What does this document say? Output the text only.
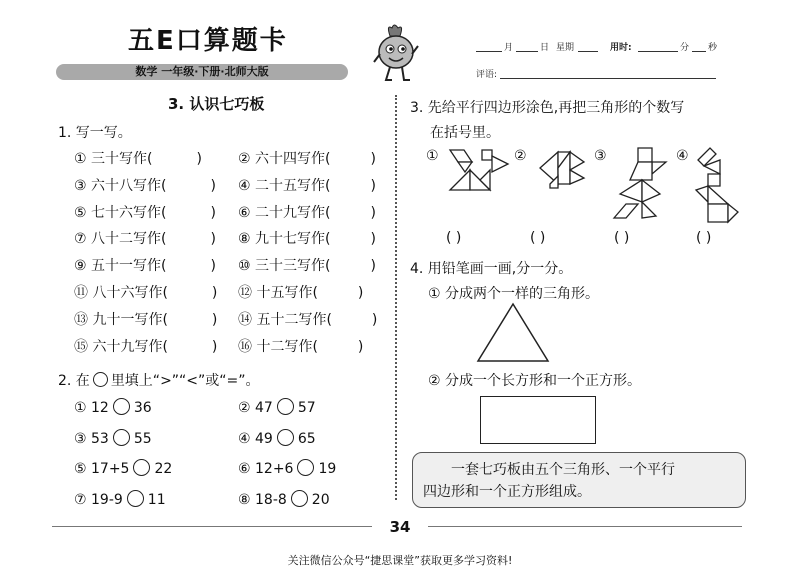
五E口算题卡
数学 一年级·下册·北师大版
月	日 星期	用时:	分 秒
评语:
3. 认识七巧板
1. 写一写。
① 三十写作(	)	② 六十四写作(	)
③ 六十八写作(	) ④ 二十五写作(	)
⑤ 七十六写作(	) ⑥ 二十九写作(	)
⑦ 八十二写作(	) ⑧ 九十七写作(	)
⑨ 五十一写作(	) ⑩ 三十三写作(	)
⑪ 八十六写作(	) ⑫ 十五写作(	)
⑬ 九十一写作(	) ⑭ 五十二写作(	)
⑮ 六十九写作(	) ⑯ 十二写作(	)
2. 在 里填上“>”“<”或“=”。
① 12 36	② 47 57
③ 53 55	④ 49 65
⑤ 17+5 22	⑥ 12+6 19
⑦ 19-9 11	⑧ 18-8 20
3. 先给平行四边形涂色,再把三角形的个数写
在括号里。
①	②	③	④
( )	( )	( )	( )
4. 用铅笔画一画,分一分。
① 分成两个一样的三角形。
② 分成一个长方形和一个正方形。
一套七巧板由五个三角形、一个平行
四边形和一个正方形组成。
34
关注微信公众号“捷思课堂”获取更多学习资料!
